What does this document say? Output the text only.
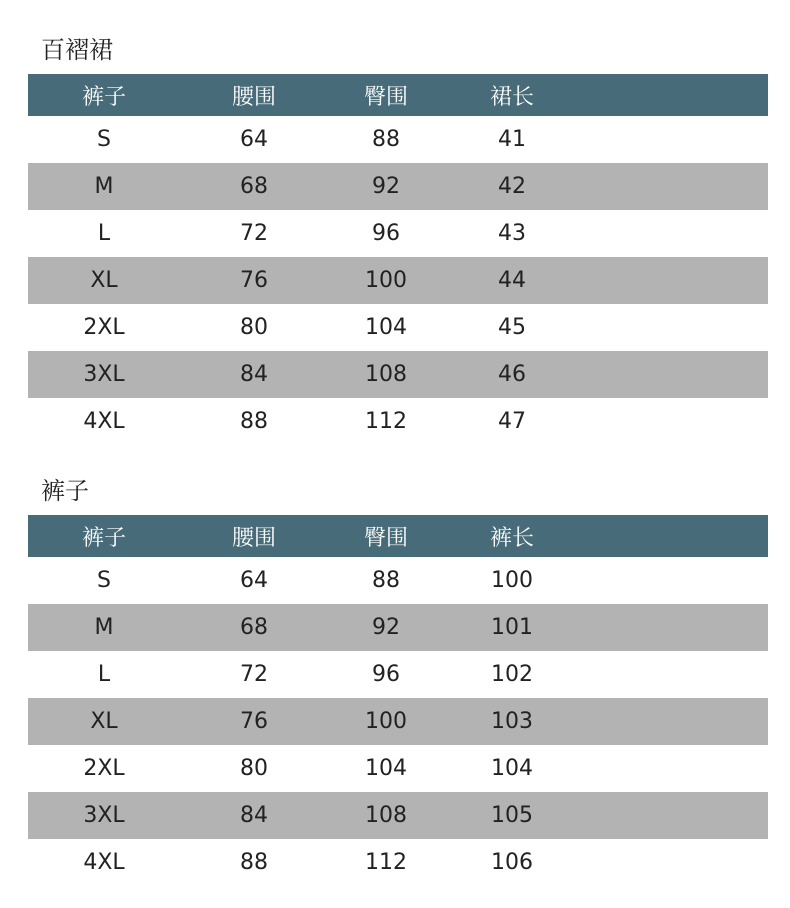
百褶裙
裤子	腰围	臀围	裙长
S	64	88	41
M	68	92	42
L	72	96	43
XL	76	100	44
2XL	80	104	45
3XL	84	108	46
4XL	88	112	47
裤子
裤子	腰围	臀围	裤长
S	64	88	100
M	68	92	101
L	72	96	102
XL	76	100	103
2XL	80	104	104
3XL	84	108	105
4XL	88	112	106
